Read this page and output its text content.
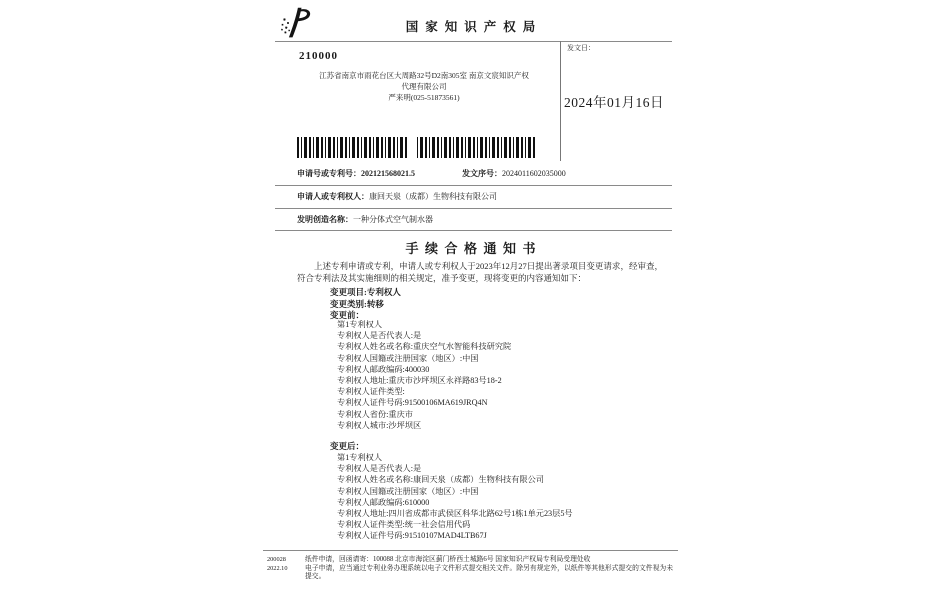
国家知识产权局
210000
江苏省南京市雨花台区大周路32号D2南305室 南京文宸知识产权
代理有限公司
严来明(025-51873561)
发文日：
2024年01月16日
申请号或专利号：202121568021.5	发文序号：2024011602035000
申请人或专利权人：康回天泉（成都）生物科技有限公司
发明创造名称：一种分体式空气制水器
手续合格通知书
上述专利申请或专利，申请人或专利权人于2023年12月27日提出著录项目变更请求，经审查，符合专利法及其实施细则的相关规定，准予变更，现将变更的内容通知如下：
变更项目:专利权人
变更类别:转移
变更前：
第1专利权人
专利权人是否代表人:是
专利权人姓名或名称:重庆空气水智能科技研究院
专利权人国籍或注册国家（地区）:中国
专利权人邮政编码:400030
专利权人地址:重庆市沙坪坝区永祥路83号18-2
专利权人证件类型:
专利权人证件号码:91500106MA619JRQ4N
专利权人省份:重庆市
专利权人城市:沙坪坝区
变更后：
第1专利权人
专利权人是否代表人:是
专利权人姓名或名称:康回天泉（成都）生物科技有限公司
专利权人国籍或注册国家（地区）:中国
专利权人邮政编码:610000
专利权人地址:四川省成都市武侯区科华北路62号1栋1单元23层5号
专利权人证件类型:统一社会信用代码
专利权人证件号码:91510107MAD4LTB67J
200028
2022.10
纸件申请，回函请寄：100088 北京市海淀区蓟门桥西土城路6号 国家知识产权局专利局受理处收
电子申请，应当通过专利业务办理系统以电子文件形式提交相关文件。除另有规定外，以纸件等其他形式提交的文件视为未提交。
